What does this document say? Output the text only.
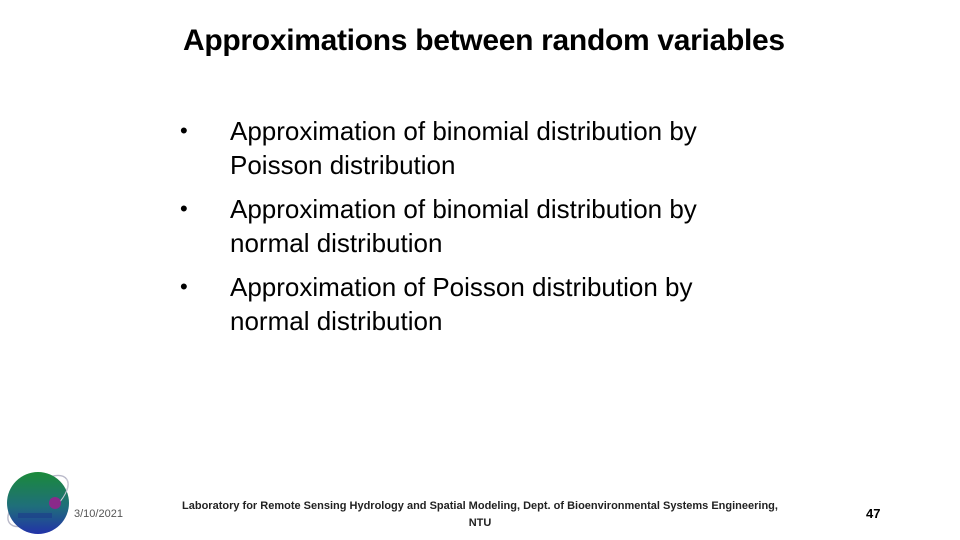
Approximations between random variables
• Approximation of binomial distribution by
Poisson distribution
• Approximation of binomial distribution by
normal distribution
• Approximation of Poisson distribution by
normal distribution
3/10/2021
Laboratory for Remote Sensing Hydrology and Spatial Modeling, Dept. of Bioenvironmental Systems Engineering,
NTU
47
